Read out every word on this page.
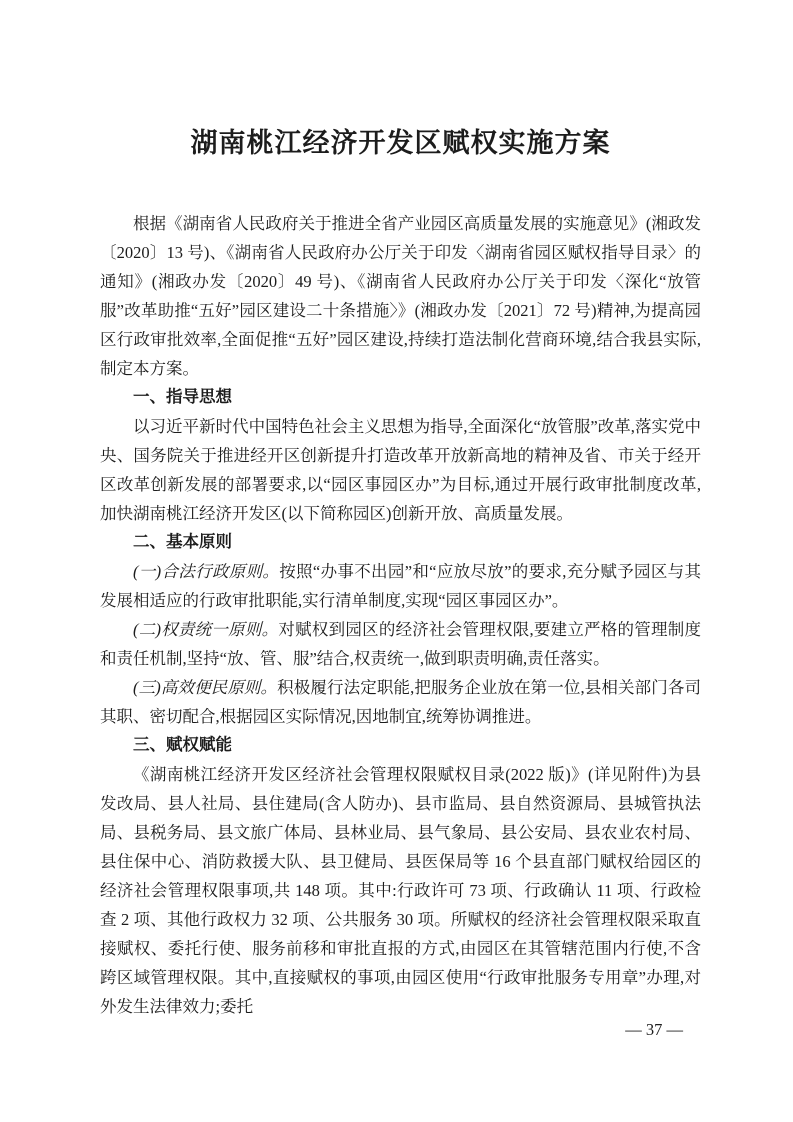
湖南桃江经济开发区赋权实施方案

根据《湖南省人民政府关于推进全省产业园区高质量发展的实施意见》(湘政发〔2020〕13 号)、《湖南省人民政府办公厅关于印发〈湖南省园区赋权指导目录〉的通知》(湘政办发〔2020〕49 号)、《湖南省人民政府办公厅关于印发〈深化“放管服”改革助推“五好”园区建设二十条措施〉》(湘政办发〔2021〕72 号)精神,为提高园区行政审批效率,全面促推“五好”园区建设,持续打造法制化营商环境,结合我县实际,制定本方案。

一、指导思想

以习近平新时代中国特色社会主义思想为指导,全面深化“放管服”改革,落实党中央、国务院关于推进经开区创新提升打造改革开放新高地的精神及省、市关于经开区改革创新发展的部署要求,以“园区事园区办”为目标,通过开展行政审批制度改革,加快湖南桃江经济开发区(以下简称园区)创新开放、高质量发展。

二、基本原则

(一)合法行政原则。按照“办事不出园”和“应放尽放”的要求,充分赋予园区与其发展相适应的行政审批职能,实行清单制度,实现“园区事园区办”。

(二)权责统一原则。对赋权到园区的经济社会管理权限,要建立严格的管理制度和责任机制,坚持“放、管、服”结合,权责统一,做到职责明确,责任落实。

(三)高效便民原则。积极履行法定职能,把服务企业放在第一位,县相关部门各司其职、密切配合,根据园区实际情况,因地制宜,统筹协调推进。

三、赋权赋能

《湖南桃江经济开发区经济社会管理权限赋权目录(2022 版)》(详见附件)为县发改局、县人社局、县住建局(含人防办)、县市监局、县自然资源局、县城管执法局、县税务局、县文旅广体局、县林业局、县气象局、县公安局、县农业农村局、县住保中心、消防救援大队、县卫健局、县医保局等 16 个县直部门赋权给园区的经济社会管理权限事项,共 148 项。其中:行政许可 73 项、行政确认 11 项、行政检查 2 项、其他行政权力 32 项、公共服务 30 项。所赋权的经济社会管理权限采取直接赋权、委托行使、服务前移和审批直报的方式,由园区在其管辖范围内行使,不含跨区域管理权限。其中,直接赋权的事项,由园区使用“行政审批服务专用章”办理,对外发生法律效力;委托

— 37 —
